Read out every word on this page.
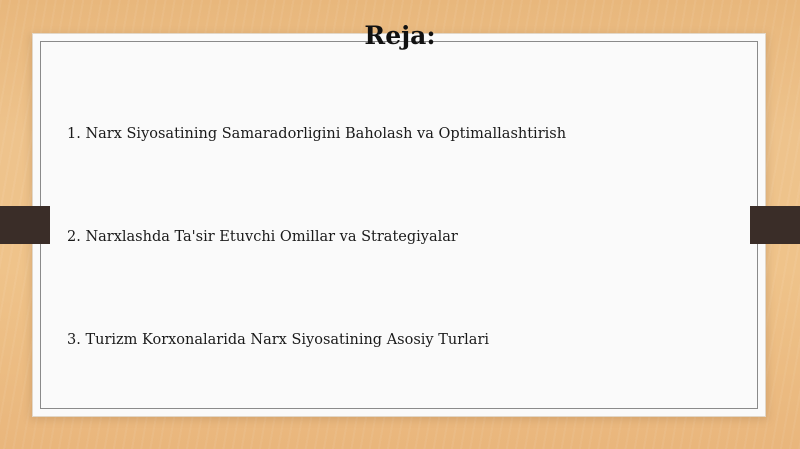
Reja:
1. Narx Siyosatining Samaradorligini Baholash va Optimallashtirish
2. Narxlashda Ta'sir Etuvchi Omillar va Strategiyalar
3. Turizm Korxonalarida Narx Siyosatining Asosiy Turlari
